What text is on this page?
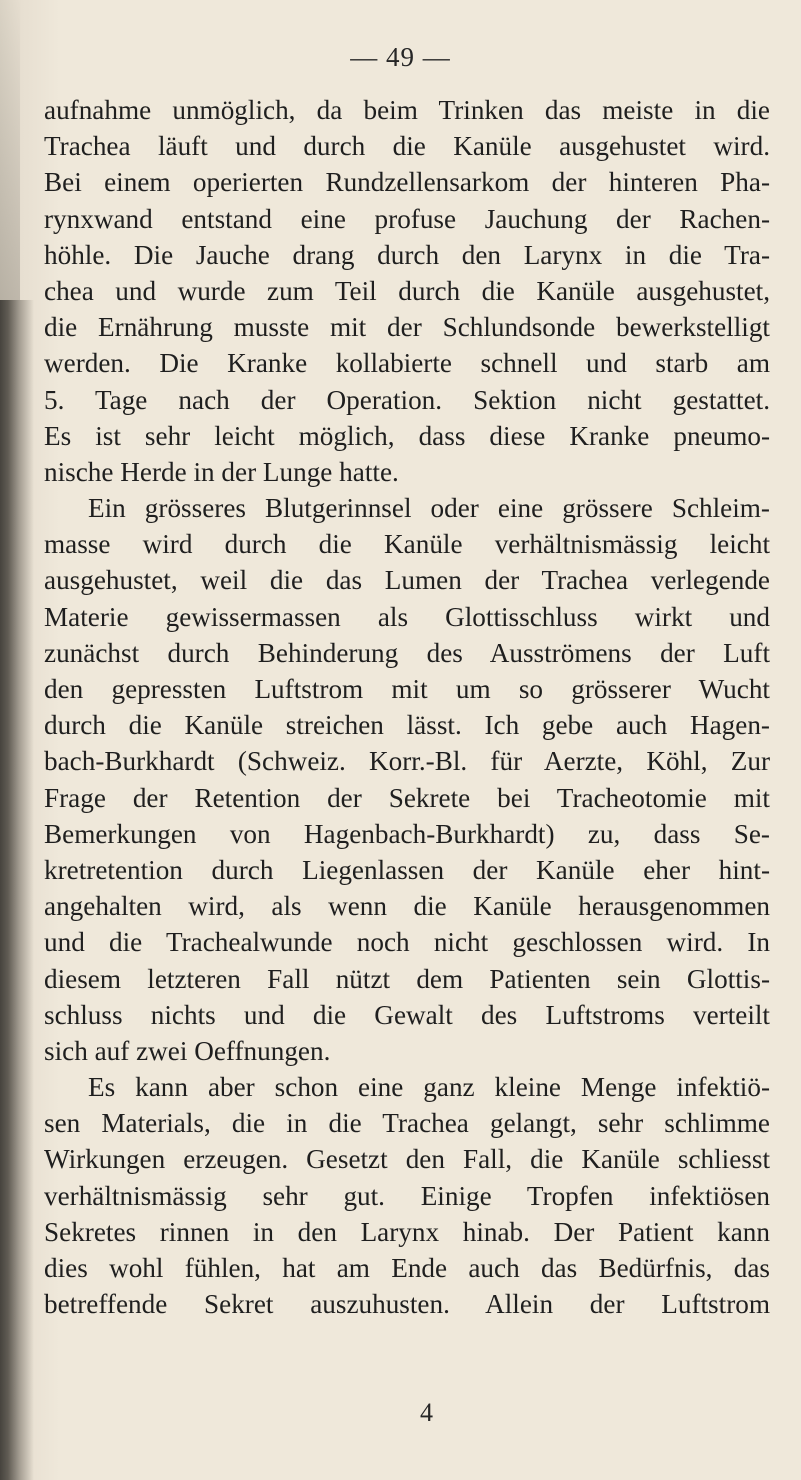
— 49 —
aufnahme unmöglich, da beim Trinken das meiste in die
Trachea läuft und durch die Kanüle ausgehustet wird.
Bei einem operierten Rundzellensarkom der hinteren Pha-
rynxwand entstand eine profuse Jauchung der Rachen-
höhle. Die Jauche drang durch den Larynx in die Tra-
chea und wurde zum Teil durch die Kanüle ausgehustet,
die Ernährung musste mit der Schlundsonde bewerkstelligt
werden. Die Kranke kollabierte schnell und starb am
5. Tage nach der Operation. Sektion nicht gestattet.
Es ist sehr leicht möglich, dass diese Kranke pneumo-
nische Herde in der Lunge hatte.
Ein grösseres Blutgerinnsel oder eine grössere Schleim-
masse wird durch die Kanüle verhältnismässig leicht
ausgehustet, weil die das Lumen der Trachea verlegende
Materie gewissermassen als Glottisschluss wirkt und
zunächst durch Behinderung des Ausströmens der Luft
den gepressten Luftstrom mit um so grösserer Wucht
durch die Kanüle streichen lässt. Ich gebe auch Hagen-
bach-Burkhardt (Schweiz. Korr.-Bl. für Aerzte, Köhl, Zur
Frage der Retention der Sekrete bei Tracheotomie mit
Bemerkungen von Hagenbach-Burkhardt) zu, dass Se-
kretretention durch Liegenlassen der Kanüle eher hint-
angehalten wird, als wenn die Kanüle herausgenommen
und die Trachealwunde noch nicht geschlossen wird. In
diesem letzteren Fall nützt dem Patienten sein Glottis-
schluss nichts und die Gewalt des Luftstroms verteilt
sich auf zwei Oeffnungen.
Es kann aber schon eine ganz kleine Menge infektiö-
sen Materials, die in die Trachea gelangt, sehr schlimme
Wirkungen erzeugen. Gesetzt den Fall, die Kanüle schliesst
verhältnismässig sehr gut. Einige Tropfen infektiösen
Sekretes rinnen in den Larynx hinab. Der Patient kann
dies wohl fühlen, hat am Ende auch das Bedürfnis, das
betreffende Sekret auszuhusten. Allein der Luftstrom
4
